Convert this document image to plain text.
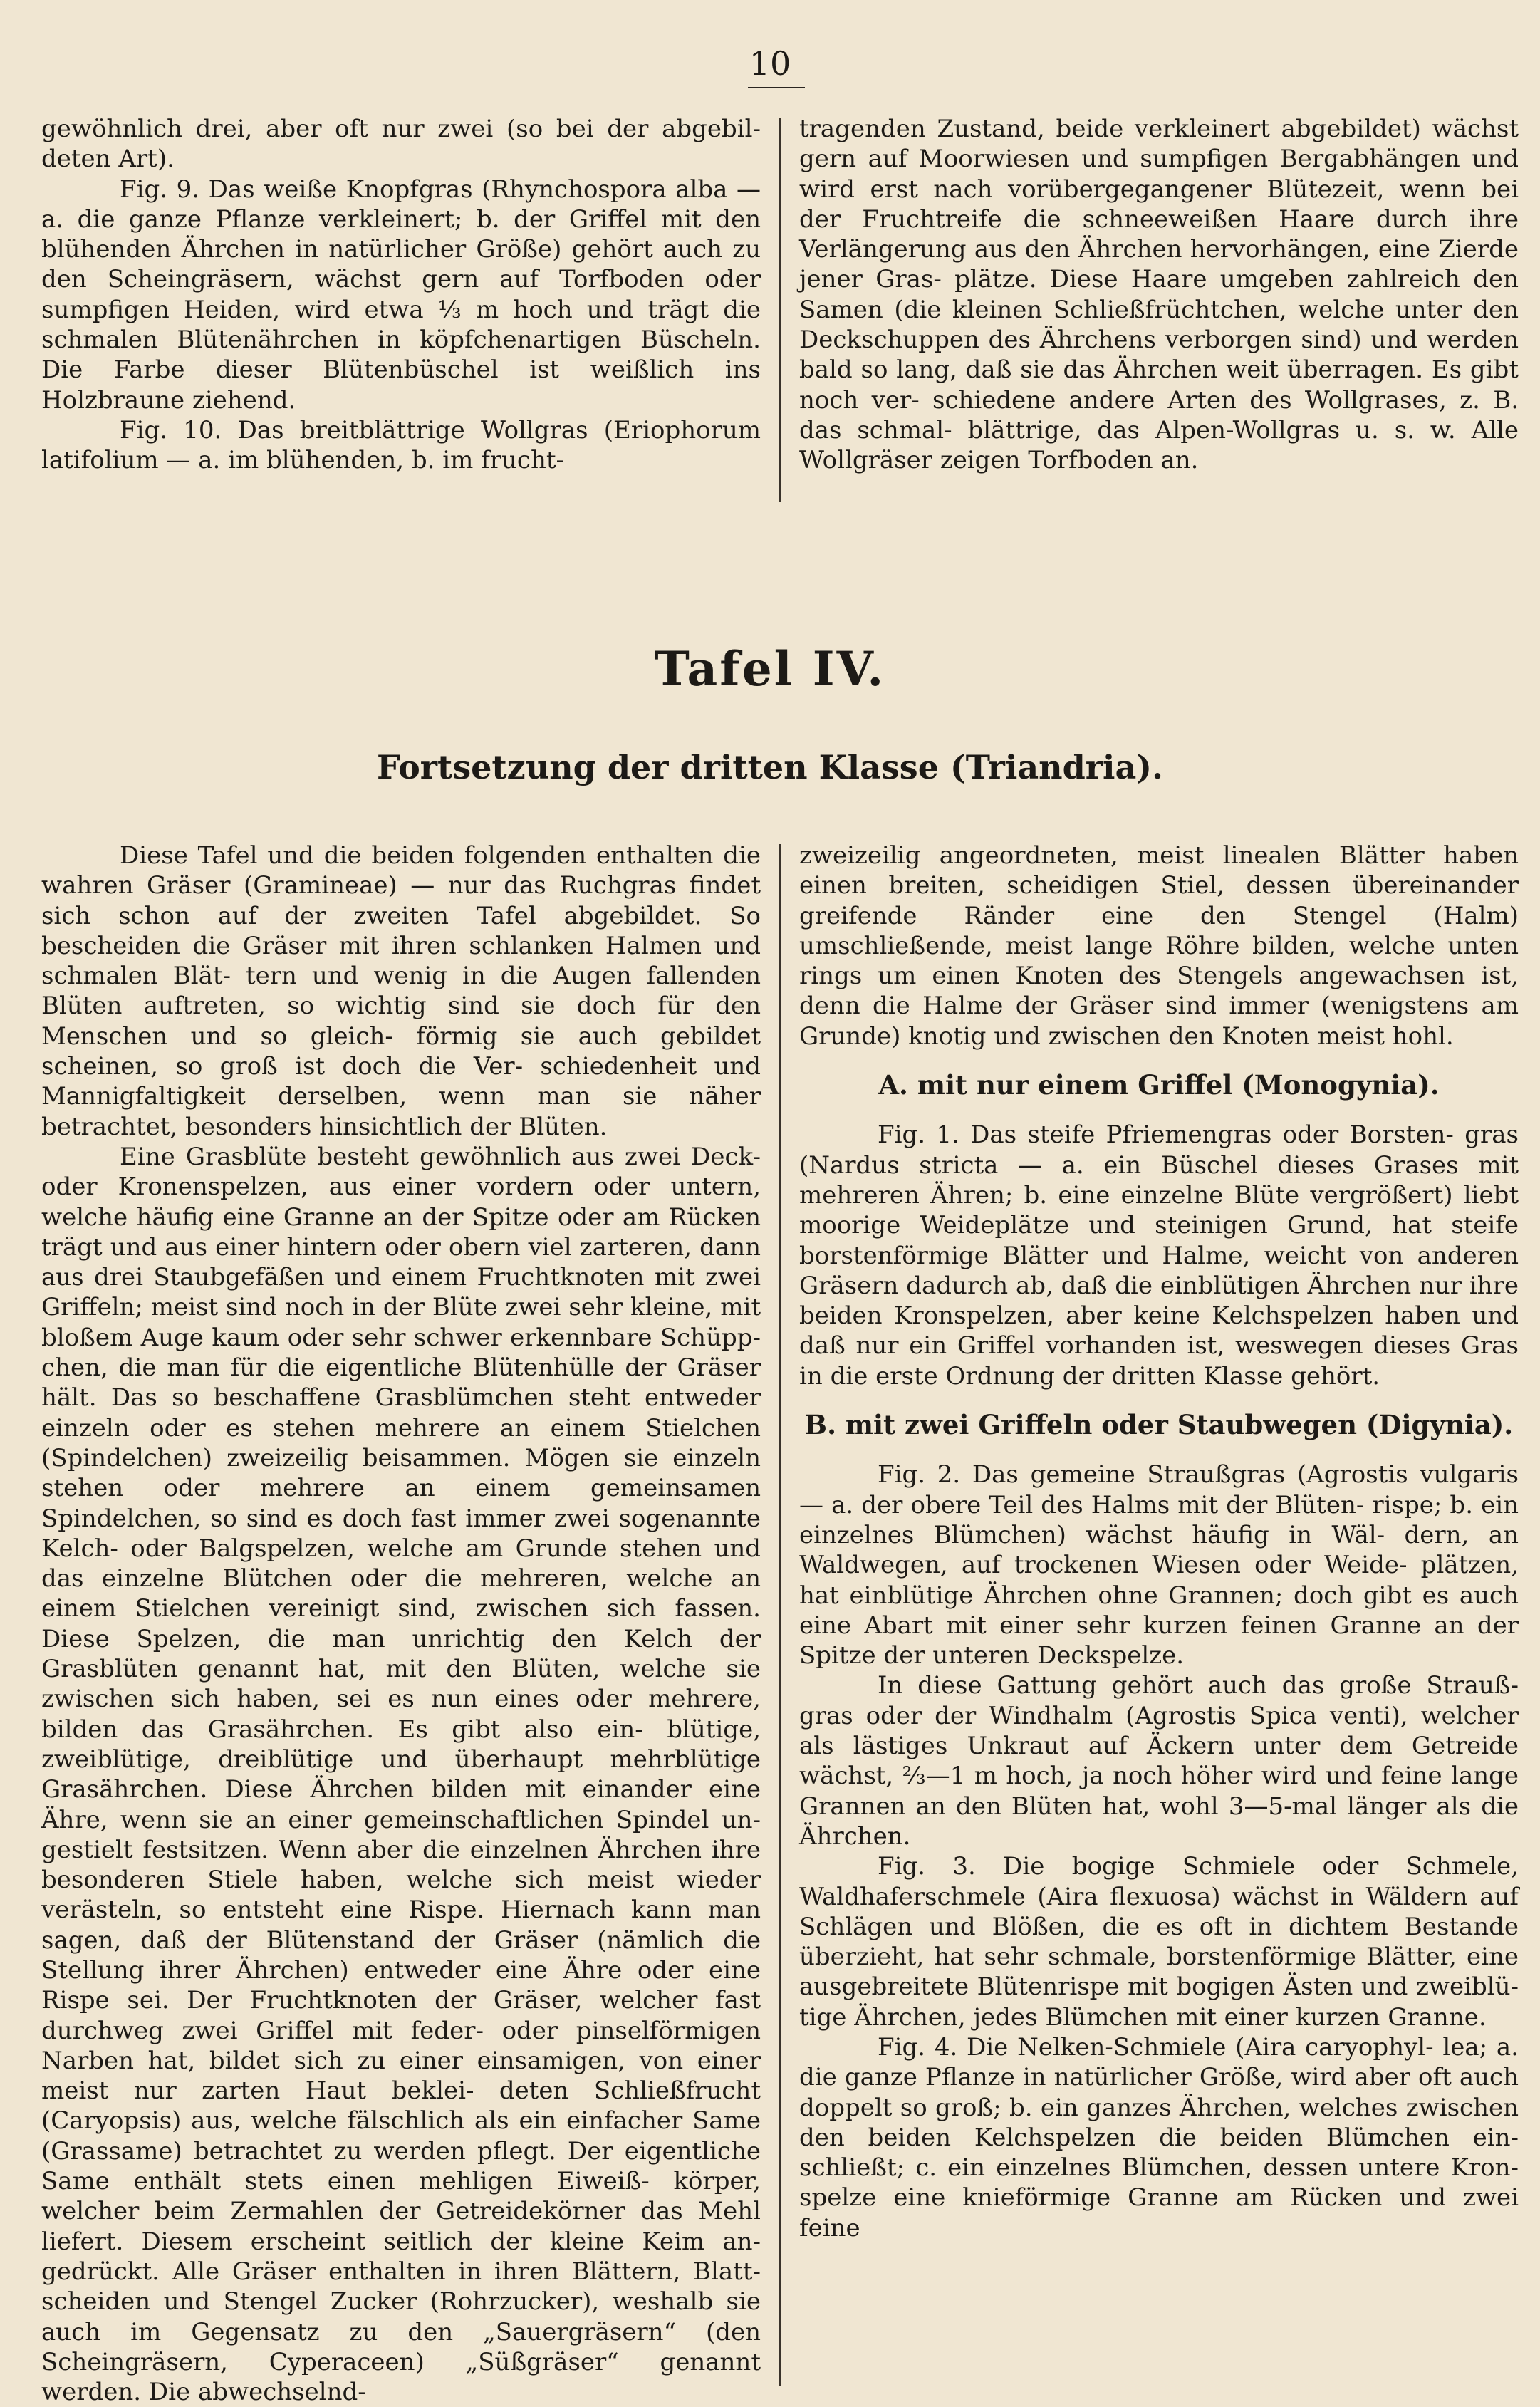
10

gewöhnlich drei, aber oft nur zwei (so bei der abgebil- deten Art).

Fig. 9. Das weiße Knopfgras (Rhynchospora alba — a. die ganze Pflanze verkleinert; b. der Griffel mit den blühenden Ährchen in natürlicher Größe) gehört auch zu den Scheingräsern, wächst gern auf Torfboden oder sumpfigen Heiden, wird etwa ⅓ m hoch und trägt die schmalen Blütenährchen in köpfchenartigen Büscheln. Die Farbe dieser Blütenbüschel ist weißlich ins Holzbraune ziehend.

Fig. 10. Das breitblättrige Wollgras (Eriophorum latifolium — a. im blühenden, b. im frucht-

tragenden Zustand, beide verkleinert abgebildet) wächst gern auf Moorwiesen und sumpfigen Bergabhängen und wird erst nach vorübergegangener Blütezeit, wenn bei der Fruchtreife die schneeweißen Haare durch ihre Verlängerung aus den Ährchen hervorhängen, eine Zierde jener Gras- plätze. Diese Haare umgeben zahlreich den Samen (die kleinen Schließfrüchtchen, welche unter den Deckschuppen des Ährchens verborgen sind) und werden bald so lang, daß sie das Ährchen weit überragen. Es gibt noch ver- schiedene andere Arten des Wollgrases, z. B. das schmal- blättrige, das Alpen-Wollgras u. s. w. Alle Wollgräser zeigen Torfboden an.

Tafel IV.
Fortsetzung der dritten Klasse (Triandria).

Diese Tafel und die beiden folgenden enthalten die wahren Gräser (Gramineae) — nur das Ruchgras findet sich schon auf der zweiten Tafel abgebildet. So bescheiden die Gräser mit ihren schlanken Halmen und schmalen Blät- tern und wenig in die Augen fallenden Blüten auftreten, so wichtig sind sie doch für den Menschen und so gleich- förmig sie auch gebildet scheinen, so groß ist doch die Ver- schiedenheit und Mannigfaltigkeit derselben, wenn man sie näher betrachtet, besonders hinsichtlich der Blüten.

Eine Grasblüte besteht gewöhnlich aus zwei Deck- oder Kronenspelzen, aus einer vordern oder untern, welche häufig eine Granne an der Spitze oder am Rücken trägt und aus einer hintern oder obern viel zarteren, dann aus drei Staubgefäßen und einem Fruchtknoten mit zwei Griffeln; meist sind noch in der Blüte zwei sehr kleine, mit bloßem Auge kaum oder sehr schwer erkennbare Schüpp- chen, die man für die eigentliche Blütenhülle der Gräser hält. Das so beschaffene Grasblümchen steht entweder einzeln oder es stehen mehrere an einem Stielchen (Spindelchen) zweizeilig beisammen. Mögen sie einzeln stehen oder mehrere an einem gemeinsamen Spindelchen, so sind es doch fast immer zwei sogenannte Kelch- oder Balgspelzen, welche am Grunde stehen und das einzelne Blütchen oder die mehreren, welche an einem Stielchen vereinigt sind, zwischen sich fassen. Diese Spelzen, die man unrichtig den Kelch der Grasblüten genannt hat, mit den Blüten, welche sie zwischen sich haben, sei es nun eines oder mehrere, bilden das Grasährchen. Es gibt also ein- blütige, zweiblütige, dreiblütige und überhaupt mehrblütige Grasährchen. Diese Ährchen bilden mit einander eine Ähre, wenn sie an einer gemeinschaftlichen Spindel un- gestielt festsitzen. Wenn aber die einzelnen Ährchen ihre besonderen Stiele haben, welche sich meist wieder verästeln, so entsteht eine Rispe. Hiernach kann man sagen, daß der Blütenstand der Gräser (nämlich die Stellung ihrer Ährchen) entweder eine Ähre oder eine Rispe sei. Der Fruchtknoten der Gräser, welcher fast durchweg zwei Griffel mit feder- oder pinselförmigen Narben hat, bildet sich zu einer einsamigen, von einer meist nur zarten Haut beklei- deten Schließfrucht (Caryopsis) aus, welche fälschlich als ein einfacher Same (Grassame) betrachtet zu werden pflegt. Der eigentliche Same enthält stets einen mehligen Eiweiß- körper, welcher beim Zermahlen der Getreidekörner das Mehl liefert. Diesem erscheint seitlich der kleine Keim an- gedrückt. Alle Gräser enthalten in ihren Blättern, Blatt- scheiden und Stengel Zucker (Rohrzucker), weshalb sie auch im Gegensatz zu den „Sauergräsern“ (den Scheingräsern, Cyperaceen) „Süßgräser“ genannt werden. Die abwechselnd-

zweizeilig angeordneten, meist linealen Blätter haben einen breiten, scheidigen Stiel, dessen übereinander greifende Ränder eine den Stengel (Halm) umschließende, meist lange Röhre bilden, welche unten rings um einen Knoten des Stengels angewachsen ist, denn die Halme der Gräser sind immer (wenigstens am Grunde) knotig und zwischen den Knoten meist hohl.

A. mit nur einem Griffel (Monogynia).

Fig. 1. Das steife Pfriemengras oder Borsten- gras (Nardus stricta — a. ein Büschel dieses Grases mit mehreren Ähren; b. eine einzelne Blüte vergrößert) liebt moorige Weideplätze und steinigen Grund, hat steife borstenförmige Blätter und Halme, weicht von anderen Gräsern dadurch ab, daß die einblütigen Ährchen nur ihre beiden Kronspelzen, aber keine Kelchspelzen haben und daß nur ein Griffel vorhanden ist, weswegen dieses Gras in die erste Ordnung der dritten Klasse gehört.

B. mit zwei Griffeln oder Staubwegen (Digynia).

Fig. 2. Das gemeine Straußgras (Agrostis vulgaris — a. der obere Teil des Halms mit der Blüten- rispe; b. ein einzelnes Blümchen) wächst häufig in Wäl- dern, an Waldwegen, auf trockenen Wiesen oder Weide- plätzen, hat einblütige Ährchen ohne Grannen; doch gibt es auch eine Abart mit einer sehr kurzen feinen Granne an der Spitze der unteren Deckspelze.

In diese Gattung gehört auch das große Strauß- gras oder der Windhalm (Agrostis Spica venti), welcher als lästiges Unkraut auf Äckern unter dem Getreide wächst, ⅔—1 m hoch, ja noch höher wird und feine lange Grannen an den Blüten hat, wohl 3—5-mal länger als die Ährchen.

Fig. 3. Die bogige Schmiele oder Schmele, Waldhaferschmele (Aira flexuosa) wächst in Wäldern auf Schlägen und Blößen, die es oft in dichtem Bestande überzieht, hat sehr schmale, borstenförmige Blätter, eine ausgebreitete Blütenrispe mit bogigen Ästen und zweiblü- tige Ährchen, jedes Blümchen mit einer kurzen Granne.

Fig. 4. Die Nelken-Schmiele (Aira caryophyl- lea; a. die ganze Pflanze in natürlicher Größe, wird aber oft auch doppelt so groß; b. ein ganzes Ährchen, welches zwischen den beiden Kelchspelzen die beiden Blümchen ein- schließt; c. ein einzelnes Blümchen, dessen untere Kron- spelze eine knieförmige Granne am Rücken und zwei feine
